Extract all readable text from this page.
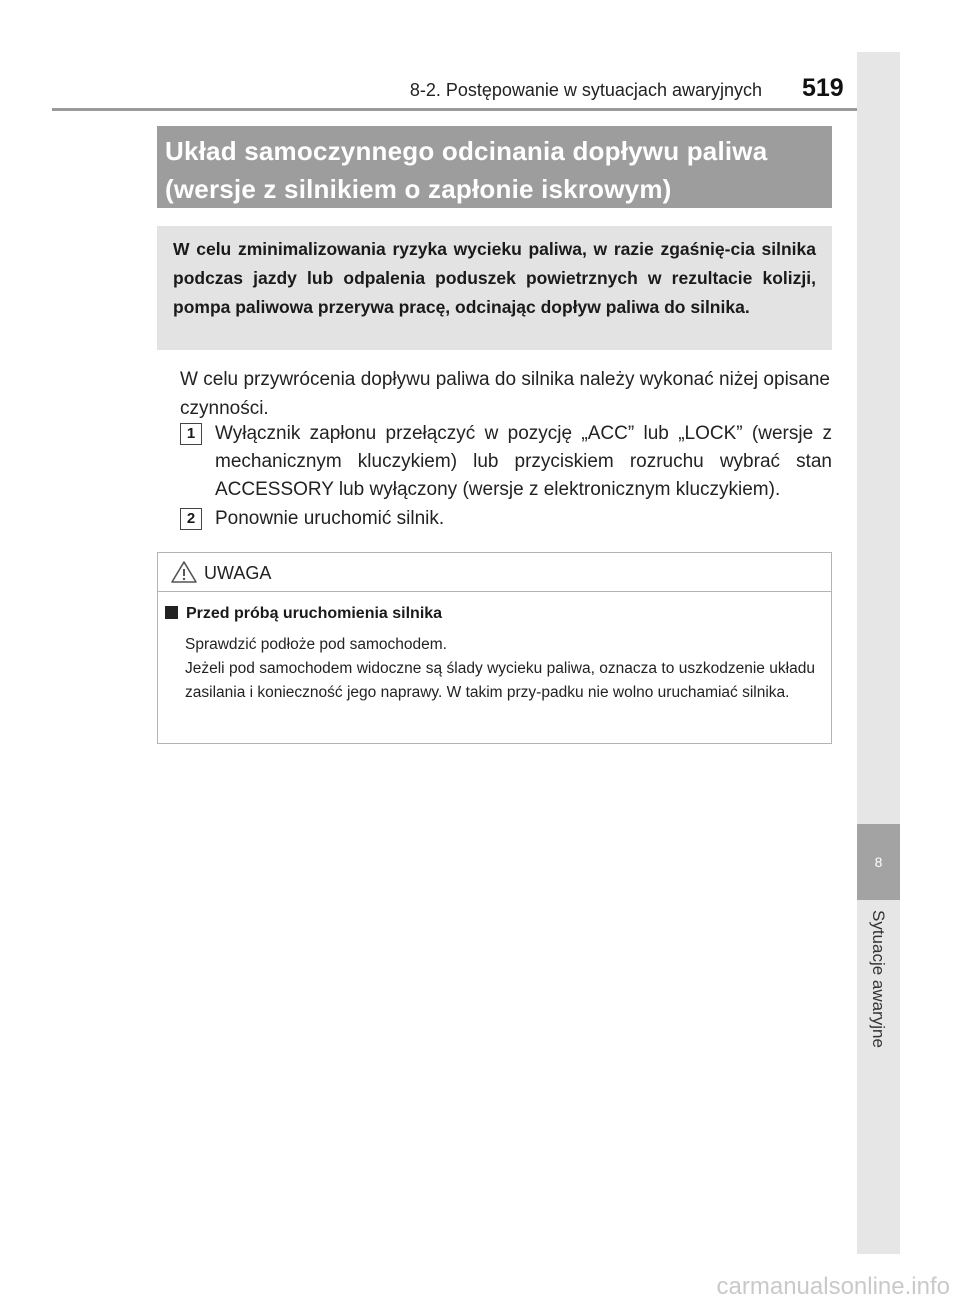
8
Sytuacje awaryjne
8-2. Postępowanie w sytuacjach awaryjnych 519
Układ samoczynnego odcinania dopływu paliwa
(wersje z silnikiem o zapłonie iskrowym)
W celu zminimalizowania ryzyka wycieku paliwa, w razie zgaśnię-cia silnika podczas jazdy lub odpalenia poduszek powietrznych w rezultacie kolizji, pompa paliwowa przerywa pracę, odcinając dopływ paliwa do silnika.
W celu przywrócenia dopływu paliwa do silnika należy wykonać niżej opisane czynności.
1	Wyłącznik zapłonu przełączyć w pozycję „ACC” lub „LOCK” (wersje z mechanicznym kluczykiem) lub przyciskiem rozruchu wybrać stan ACCESSORY lub wyłączony (wersje z elektronicznym kluczykiem).
2	Ponownie uruchomić silnik.
UWAGA
Przed próbą uruchomienia silnika
Sprawdzić podłoże pod samochodem.
Jeżeli pod samochodem widoczne są ślady wycieku paliwa, oznacza to uszkodzenie układu zasilania i konieczność jego naprawy. W takim przy-padku nie wolno uruchamiać silnika.
carmanualsonline.info
